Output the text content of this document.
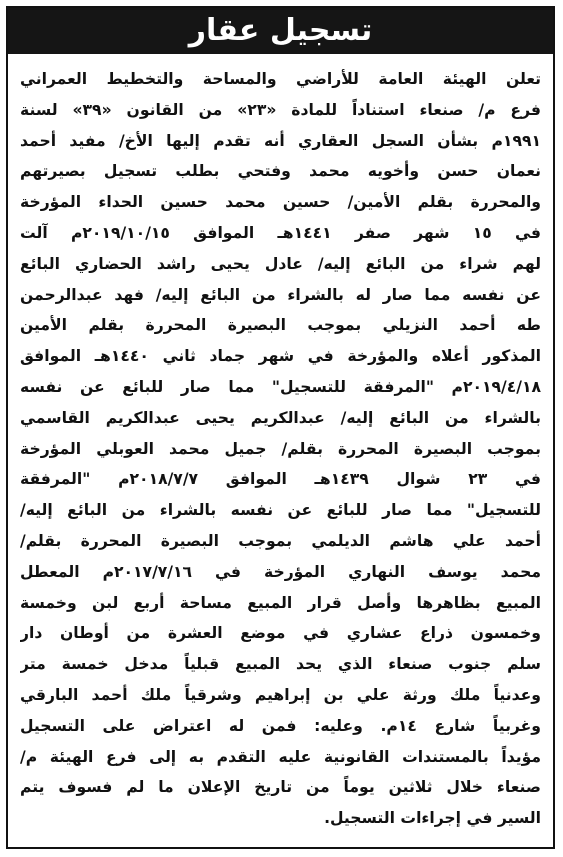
تسجيل عقار
تعلن الهيئة العامة للأراضي والمساحة والتخطيط العمراني
فرع م/ صنعاء استناداً للمادة «٢٣» من القانون «٣٩» لسنة
١٩٩١م بشأن السجل العقاري أنه تقدم إليها الأخ/ مفيد أحمد
نعمان حسن وأخويه محمد وفتحي بطلب تسجيل بصيرتهم
والمحررة بقلم الأمين/ حسين محمد حسين الحداء المؤرخة
في ١٥ شهر صفر ١٤٤١هـ الموافق ٢٠١٩/١٠/١٥م آلت
لهم شراء من البائع إليه/ عادل يحيى راشد الحضاري البائع
عن نفسه مما صار له بالشراء من البائع إليه/ فهد عبدالرحمن
طه أحمد النزيلي بموجب البصيرة المحررة بقلم الأمين
المذكور أعلاه والمؤرخة في شهر جماد ثاني ١٤٤٠هـ الموافق
٢٠١٩/٤/١٨م "المرفقة للتسجيل" مما صار للبائع عن نفسه
بالشراء من البائع إليه/ عبدالكريم يحيى عبدالكريم القاسمي
بموجب البصيرة المحررة بقلم/ جميل محمد العوبلي المؤرخة
في ٢٣ شوال ١٤٣٩هـ الموافق ٢٠١٨/٧/٧م "المرفقة
للتسجيل" مما صار للبائع عن نفسه بالشراء من البائع إليه/
أحمد علي هاشم الديلمي بموجب البصيرة المحررة بقلم/
محمد يوسف النهاري المؤرخة في ٢٠١٧/٧/١٦م المعطل
المبيع بظاهرها وأصل قرار المبيع مساحة أربع لبن وخمسة
وخمسون ذراع عشاري في موضع العشرة من أوطان دار
سلم جنوب صنعاء الذي يحد المبيع قبلياً مدخل خمسة متر
وعدنياً ملك ورثة علي بن إبراهيم وشرقياً ملك أحمد البارقي
وغربياً شارع ١٤م. وعليه: فمن له اعتراض على التسجيل
مؤيداً بالمستندات القانونية عليه التقدم به إلى فرع الهيئة م/
صنعاء خلال ثلاثين يوماً من تاريخ الإعلان ما لم فسوف يتم
السير في إجراءات التسجيل.
